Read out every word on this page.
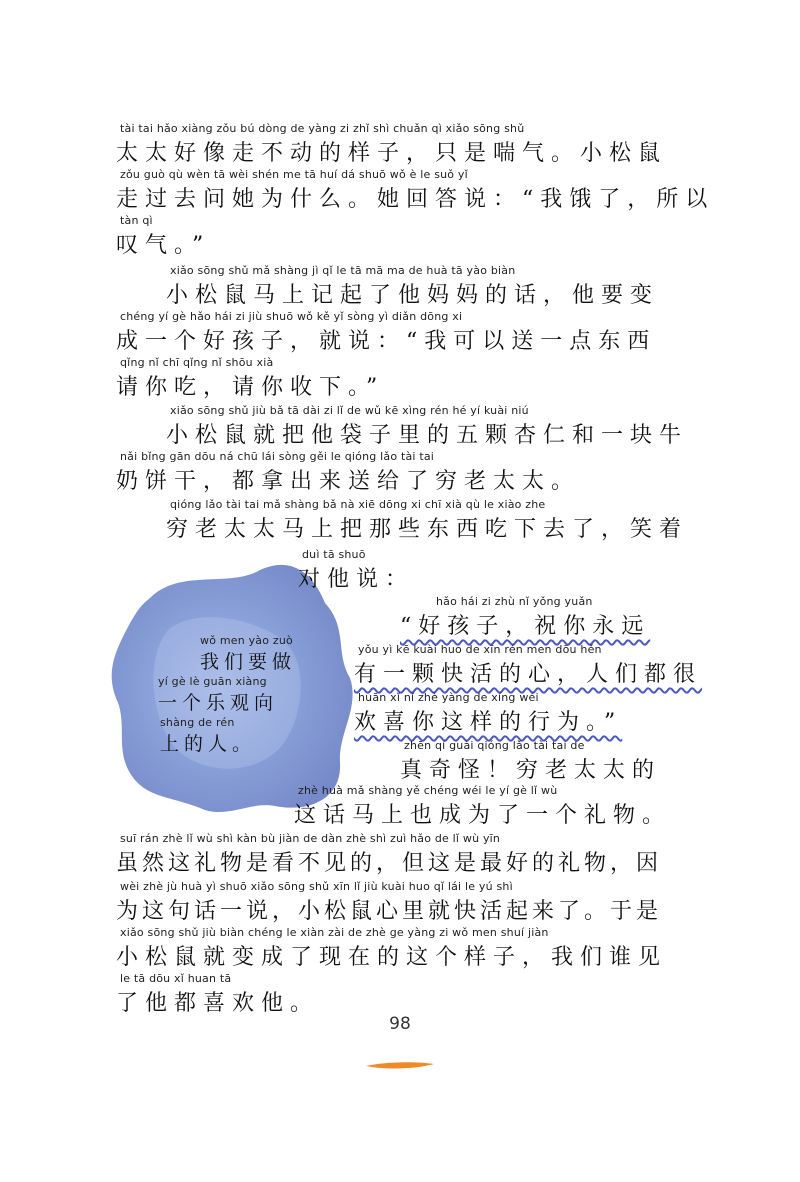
wǒ men yào zuò
我们要做
yí gè lè guān xiàng
一个乐观向
shàng de rén
上的人。
tài tai hǎo xiàng zǒu bú dòng de yàng zi zhǐ shì chuǎn qì xiǎo sōng shǔ
太太好像走不动的样子，只是喘气。小松鼠
zǒu guò qù wèn tā wèi shén me tā huí dá shuō wǒ è le suǒ yǐ
走过去问她为什么。她回答说：“我饿了，所以
tàn qì
叹气。”
xiǎo sōng shǔ mǎ shàng jì qǐ le tā mā ma de huà tā yào biàn
小松鼠马上记起了他妈妈的话，他要变
chéng yí gè hǎo hái zi jiù shuō wǒ kě yǐ sòng yì diǎn dōng xi
成一个好孩子，就说：“我可以送一点东西
qǐng nǐ chī qǐng nǐ shōu xià
请你吃，请你收下。”
xiǎo sōng shǔ jiù bǎ tā dài zi lǐ de wǔ kē xìng rén hé yí kuài niú
小松鼠就把他袋子里的五颗杏仁和一块牛
nǎi bǐng gān dōu ná chū lái sòng gěi le qióng lǎo tài tai
奶饼干，都拿出来送给了穷老太太。
qióng lǎo tài tai mǎ shàng bǎ nà xiē dōng xi chī xià qù le xiào zhe
穷老太太马上把那些东西吃下去了，笑着
duì tā shuō
对他说：
hǎo hái zi zhù nǐ yǒng yuǎn
“好孩子，祝你永远
yǒu yì kē kuài huo de xīn rén men dōu hěn
有一颗快活的心，人们都很
huān xǐ nǐ zhè yàng de xíng wéi
欢喜你这样的行为。”
zhēn qí guài qióng lǎo tài tai de
真奇怪！穷老太太的
zhè huà mǎ shàng yě chéng wéi le yí gè lǐ wù
这话马上也成为了一个礼物。
suī rán zhè lǐ wù shì kàn bù jiàn de dàn zhè shì zuì hǎo de lǐ wù yīn
虽然这礼物是看不见的，但这是最好的礼物，因
wèi zhè jù huà yì shuō xiǎo sōng shǔ xīn lǐ jiù kuài huo qǐ lái le yú shì
为这句话一说，小松鼠心里就快活起来了。于是
xiǎo sōng shǔ jiù biàn chéng le xiàn zài de zhè ge yàng zi wǒ men shuí jiàn
小松鼠就变成了现在的这个样子，我们谁见
le tā dōu xǐ huan tā
了他都喜欢他。
98
